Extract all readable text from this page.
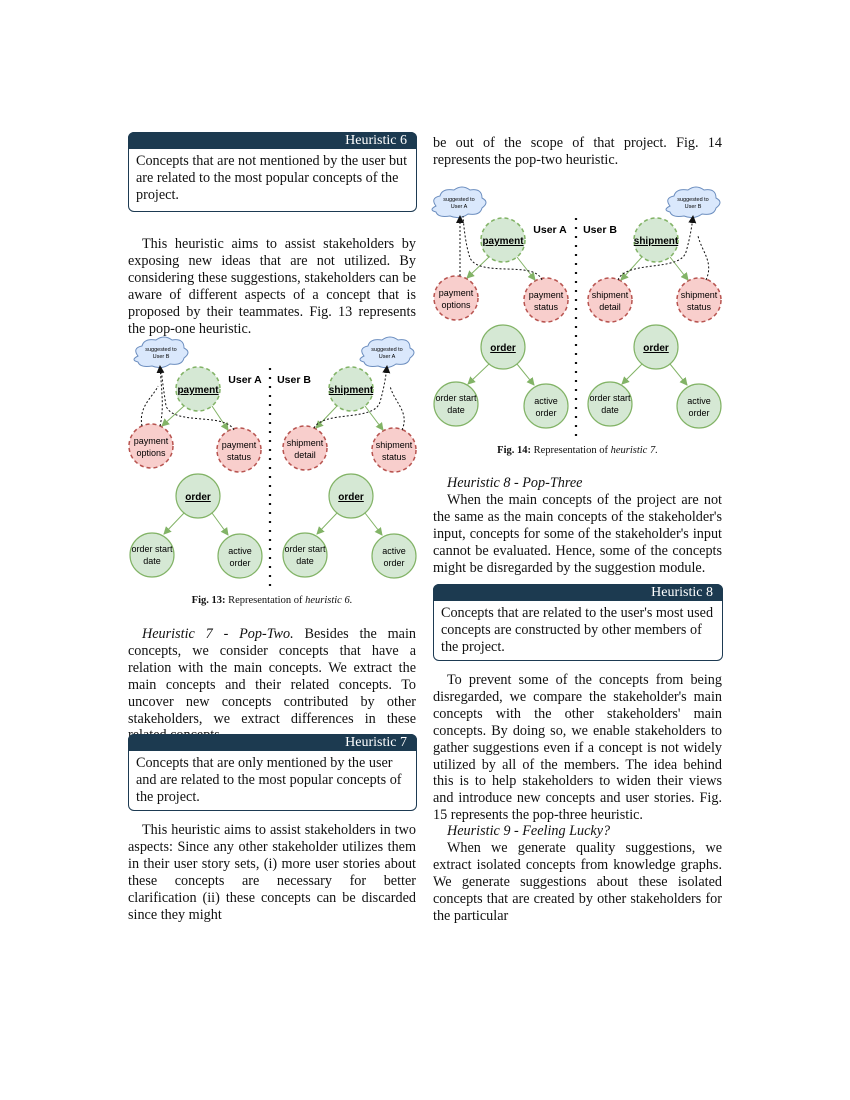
Heuristic 6
Concepts that are not mentioned by the user but are related to the most popular concepts of the project.
This heuristic aims to assist stakeholders by exposing new ideas that are not utilized. By considering these suggestions, stakeholders can be aware of different aspects of a concept that is proposed by their teammates. Fig. 13 represents the pop-one heuristic.
suggested to
User B
payment
User A
payment
options
payment
status
order
order start
date
active
order
User B
suggested to
User A
shipment
shipment
detail
shipment
status
order
order start
date
active
order
Fig. 13: Representation of heuristic 6.
Heuristic 7 - Pop-Two. Besides the main concepts, we consider concepts that have a relation with the main concepts. We extract the main concepts and their related concepts. To uncover new concepts contributed by other stakeholders, we extract differences in these
Heuristic 7
Concepts that are only mentioned by the user and are related to the most popular concepts of the project.
This heuristic aims to assist stakeholders in two aspects: Since any other stakeholder utilizes them in their user story sets, (i) more user stories about these concepts are necessary for better clarification (ii) these concepts can be discarded since they might
be out of the scope of that project. Fig. 14 represents the pop-two heuristic.
suggested to
User A
payment
User A
payment
options
payment
status
order
order start
date
active
order
User B
suggested to
User B
shipment
shipment
detail
shipment
status
order
order start
date
active
order
Fig. 14: Representation of heuristic 7.
Heuristic 8 - Pop-Three
When the main concepts of the project are not the same as the main concepts of the stakeholder's input, concepts for some of the stakeholder's input cannot be evaluated. Hence, some of the concepts might be disregarded by the suggestion module.
Heuristic 8
Concepts that are related to the user's most used concepts are constructed by other members of the project.
To prevent some of the concepts from being disregarded, we compare the stakeholder's main concepts with the other stakeholders' main concepts. By doing so, we enable stakeholders to gather suggestions even if a concept is not widely utilized by all of the members. The idea behind this is to help stakeholders to widen their views and introduce new concepts and user stories. Fig. 15 represents the pop-three heuristic.
Heuristic 9 - Feeling Lucky?
When we generate quality suggestions, we extract isolated concepts from knowledge graphs. We generate suggestions about these isolated concepts that are created by other stakeholders for the particular
